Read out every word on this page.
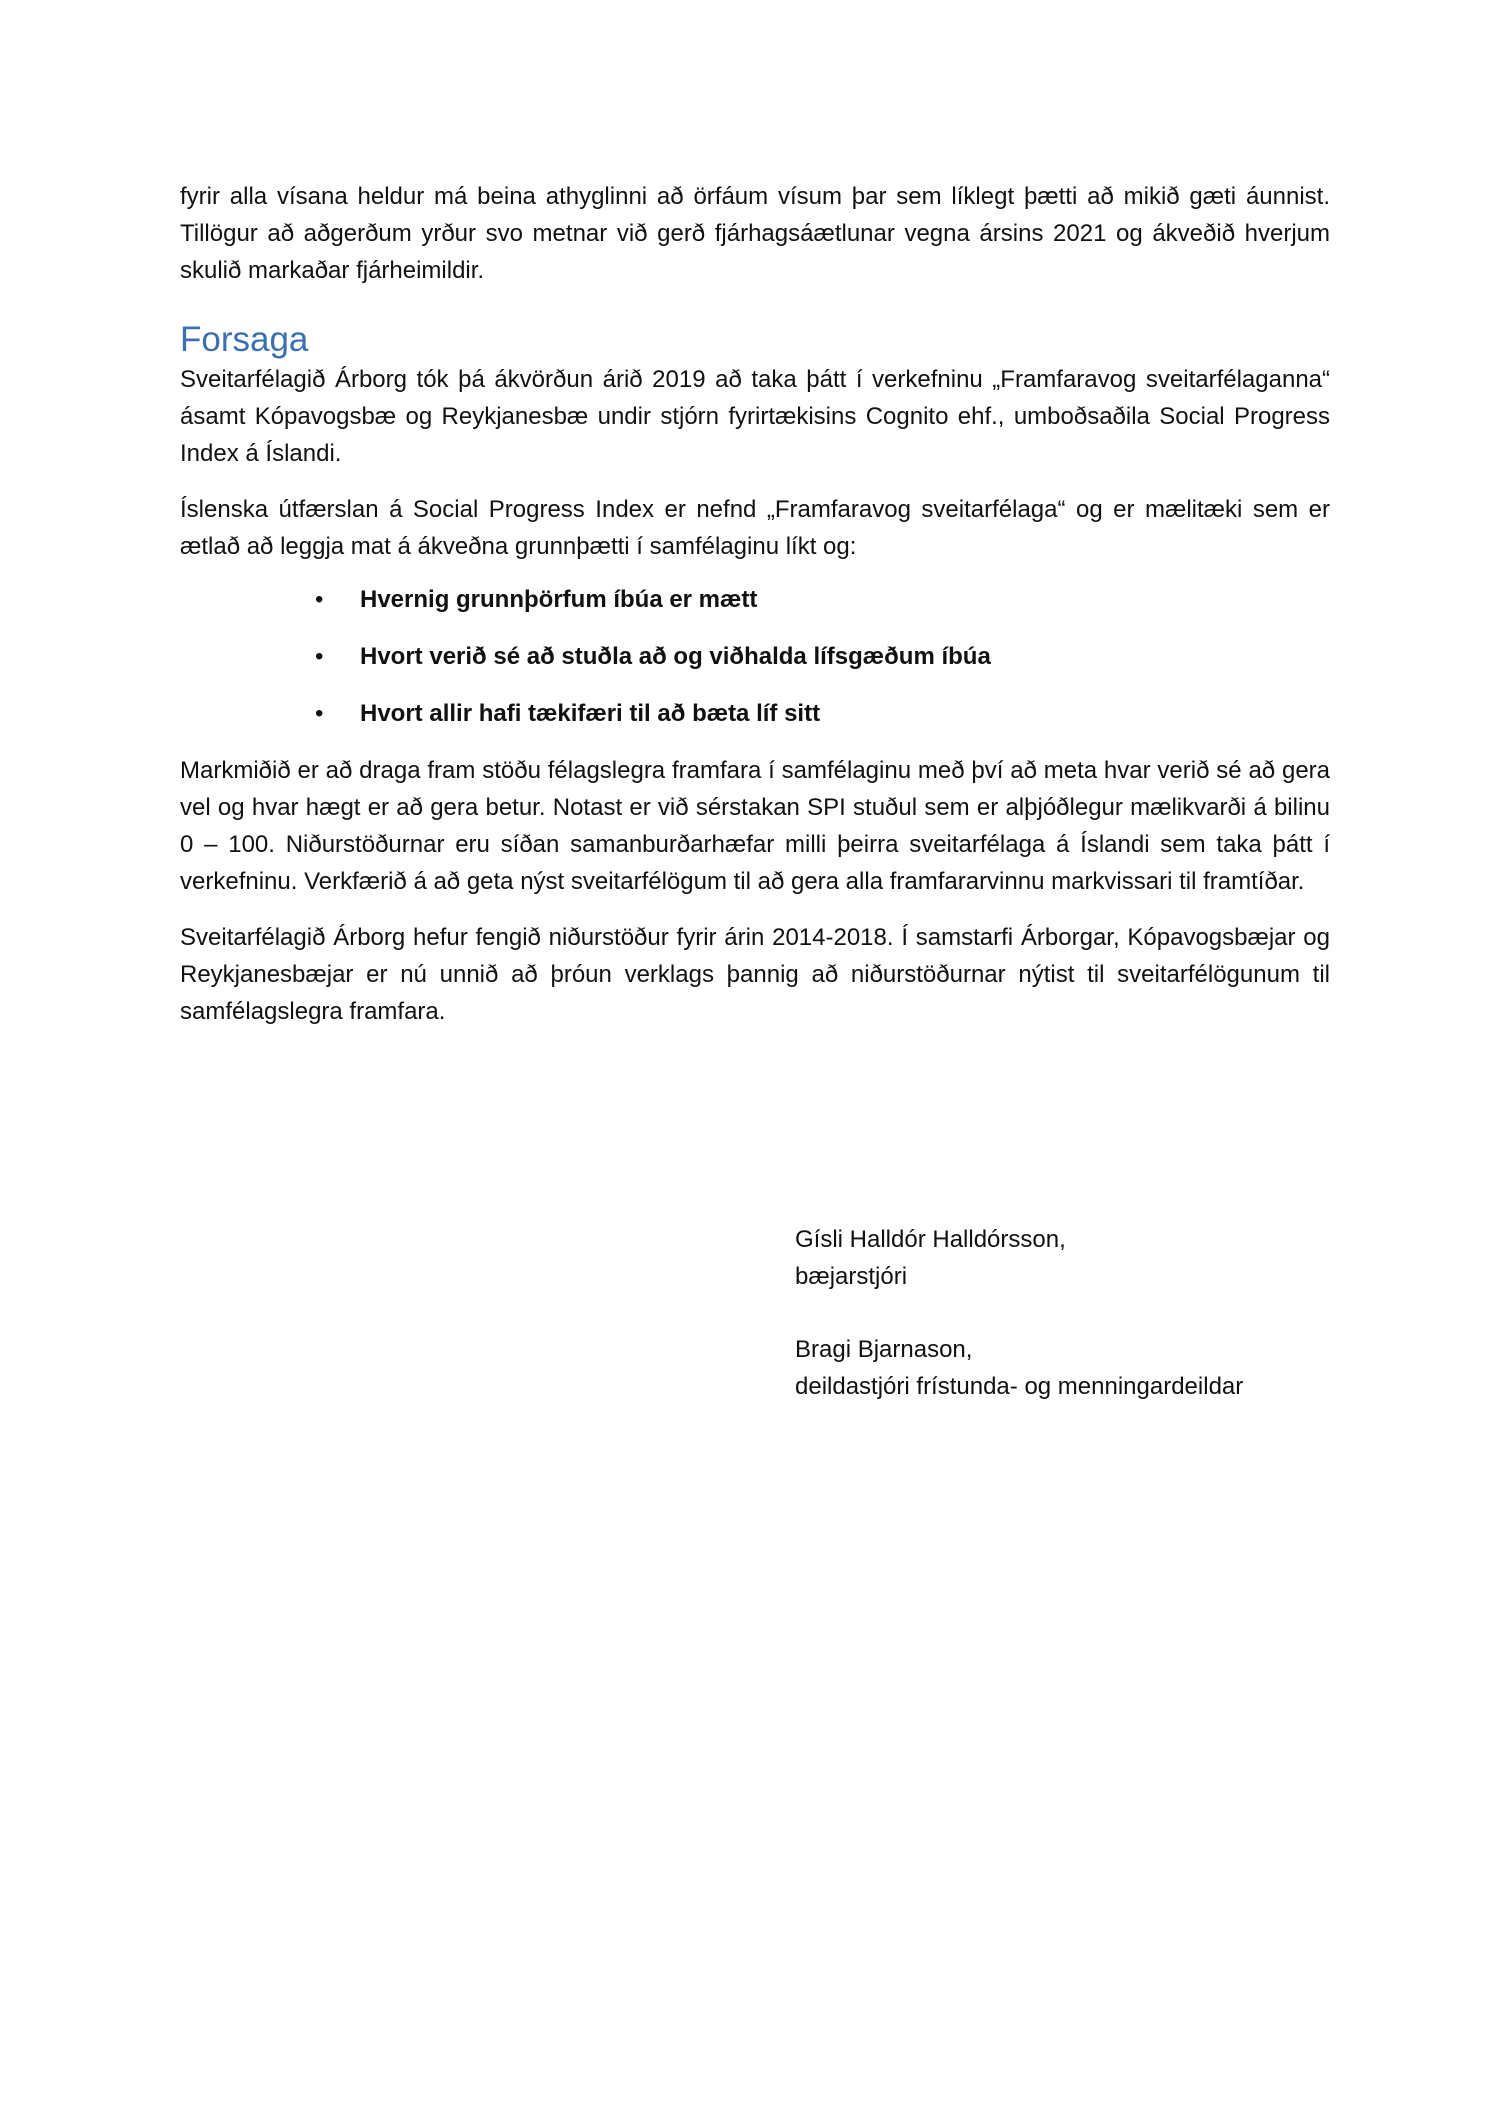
fyrir alla vísana heldur má beina athyglinni að örfáum vísum þar sem líklegt þætti að mikið gæti áunnist. Tillögur að aðgerðum yrður svo metnar við gerð fjárhagsáætlunar vegna ársins 2021 og ákveðið hverjum skulið markaðar fjárheimildir.

Forsaga

Sveitarfélagið Árborg tók þá ákvörðun árið 2019 að taka þátt í verkefninu „Framfaravog sveitarfélaganna“ ásamt Kópavogsbæ og Reykjanesbæ undir stjórn fyrirtækisins Cognito ehf., umboðsaðila Social Progress Index á Íslandi.

Íslenska útfærslan á Social Progress Index er nefnd „Framfaravog sveitarfélaga“ og er mælitæki sem er ætlað að leggja mat á ákveðna grunnþætti í samfélaginu líkt og:

• Hvernig grunnþörfum íbúa er mætt
• Hvort verið sé að stuðla að og viðhalda lífsgæðum íbúa
• Hvort allir hafi tækifæri til að bæta líf sitt

Markmiðið er að draga fram stöðu félagslegra framfara í samfélaginu með því að meta hvar verið sé að gera vel og hvar hægt er að gera betur. Notast er við sérstakan SPI stuðul sem er alþjóðlegur mælikvarði á bilinu 0 – 100. Niðurstöðurnar eru síðan samanburðarhæfar milli þeirra sveitarfélaga á Íslandi sem taka þátt í verkefninu. Verkfærið á að geta nýst sveitarfélögum til að gera alla framfararvinnu markvissari til framtíðar.

Sveitarfélagið Árborg hefur fengið niðurstöður fyrir árin 2014-2018. Í samstarfi Árborgar, Kópavogsbæjar og Reykjanesbæjar er nú unnið að þróun verklags þannig að niðurstöðurnar nýtist til sveitarfélögunum til samfélagslegra framfara.

Gísli Halldór Halldórsson,
bæjarstjóri

Bragi Bjarnason,
deildastjóri frístunda- og menningardeildar
